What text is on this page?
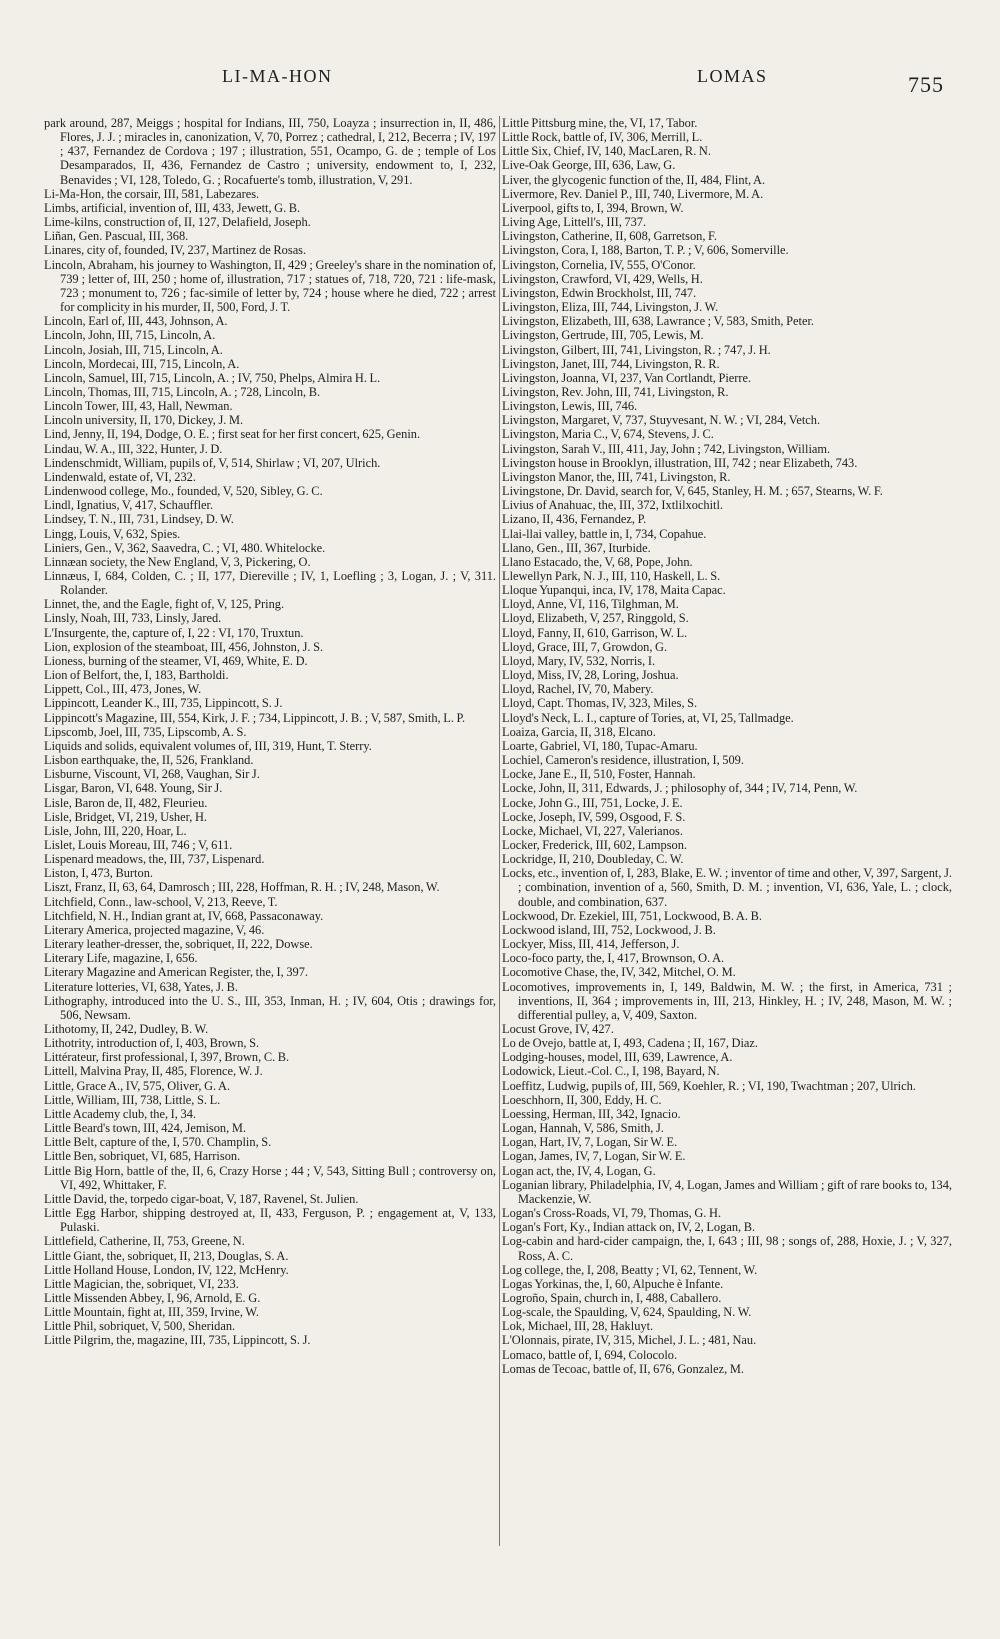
LI-MA-HON	LOMAS	755

park around, 287, Meiggs ; hospital for Indians, III, 750, Loayza ; insurrection in, II, 486, Flores, J. J. ; miracles in, canonization, V, 70, Porrez ; cathedral, I, 212, Becerra ; IV, 197 ; 437, Fernandez de Cordova ; 197 ; illustration, 551, Ocampo, G. de ; temple of Los Desamparados, II, 436, Fernandez de Castro ; university, endowment to, I, 232, Benavides ; VI, 128, Toledo, G. ; Rocafuerte's tomb, illustration, V, 291.

Li-Ma-Hon, the corsair, III, 581, Labezares.

Limbs, artificial, invention of, III, 433, Jewett, G. B.

Lime-kilns, construction of, II, 127, Delafield, Joseph.

Liñan, Gen. Pascual, III, 368.

Linares, city of, founded, IV, 237, Martinez de Rosas.

Lincoln, Abraham, his journey to Washington, II, 429 ; Greeley's share in the nomination of, 739 ; letter of, III, 250 ; home of, illustration, 717 ; statues of, 718, 720, 721 : life-mask, 723 ; monument to, 726 ; fac-simile of letter by, 724 ; house where he died, 722 ; arrest for complicity in his murder, II, 500, Ford, J. T.

Lincoln, Earl of, III, 443, Johnson, A.

Lincoln, John, III, 715, Lincoln, A.

Lincoln, Josiah, III, 715, Lincoln, A.

Lincoln, Mordecai, III, 715, Lincoln, A.

Lincoln, Samuel, III, 715, Lincoln, A. ; IV, 750, Phelps, Almira H. L.

Lincoln, Thomas, III, 715, Lincoln, A. ; 728, Lincoln, B.

Lincoln Tower, III, 43, Hall, Newman.

Lincoln university, II, 170, Dickey, J. M.

Lind, Jenny, II, 194, Dodge, O. E. ; first seat for her first concert, 625, Genin.

Lindau, W. A., III, 322, Hunter, J. D.

Lindenschmidt, William, pupils of, V, 514, Shirlaw ; VI, 207, Ulrich.

Lindenwald, estate of, VI, 232.

Lindenwood college, Mo., founded, V, 520, Sibley, G. C.

Lindl, Ignatius, V, 417, Schauffler.

Lindsey, T. N., III, 731, Lindsey, D. W.

Lingg, Louis, V, 632, Spies.

Liniers, Gen., V, 362, Saavedra, C. ; VI, 480. Whitelocke.

Linnæan society, the New England, V, 3, Pickering, O.

Linnæus, I, 684, Colden, C. ; II, 177, Diereville ; IV, 1, Loefling ; 3, Logan, J. ; V, 311. Rolander.

Linnet, the, and the Eagle, fight of, V, 125, Pring.

Linsly, Noah, III, 733, Linsly, Jared.

L'Insurgente, the, capture of, I, 22 : VI, 170, Truxtun.

Lion, explosion of the steamboat, III, 456, Johnston, J. S.

Lioness, burning of the steamer, VI, 469, White, E. D.

Lion of Belfort, the, I, 183, Bartholdi.

Lippett, Col., III, 473, Jones, W.

Lippincott, Leander K., III, 735, Lippincott, S. J.

Lippincott's Magazine, III, 554, Kirk, J. F. ; 734, Lippincott, J. B. ; V, 587, Smith, L. P.

Lipscomb, Joel, III, 735, Lipscomb, A. S.

Liquids and solids, equivalent volumes of, III, 319, Hunt, T. Sterry.

Lisbon earthquake, the, II, 526, Frankland.

Lisburne, Viscount, VI, 268, Vaughan, Sir J.

Lisgar, Baron, VI, 648. Young, Sir J.

Lisle, Baron de, II, 482, Fleurieu.

Lisle, Bridget, VI, 219, Usher, H.

Lisle, John, III, 220, Hoar, L.

Lislet, Louis Moreau, III, 746 ; V, 611.

Lispenard meadows, the, III, 737, Lispenard.

Liston, I, 473, Burton.

Liszt, Franz, II, 63, 64, Damrosch ; III, 228, Hoffman, R. H. ; IV, 248, Mason, W.

Litchfield, Conn., law-school, V, 213, Reeve, T.

Litchfield, N. H., Indian grant at, IV, 668, Passaconaway.

Literary America, projected magazine, V, 46.

Literary leather-dresser, the, sobriquet, II, 222, Dowse.

Literary Life, magazine, I, 656.

Literary Magazine and American Register, the, I, 397.

Literature lotteries, VI, 638, Yates, J. B.

Lithography, introduced into the U. S., III, 353, Inman, H. ; IV, 604, Otis ; drawings for, 506, Newsam.

Lithotomy, II, 242, Dudley, B. W.

Lithotrity, introduction of, I, 403, Brown, S.

Littérateur, first professional, I, 397, Brown, C. B.

Littell, Malvina Pray, II, 485, Florence, W. J.

Little, Grace A., IV, 575, Oliver, G. A.

Little, William, III, 738, Little, S. L.

Little Academy club, the, I, 34.

Little Beard's town, III, 424, Jemison, M.

Little Belt, capture of the, I, 570. Champlin, S.

Little Ben, sobriquet, VI, 685, Harrison.

Little Big Horn, battle of the, II, 6, Crazy Horse ; 44 ; V, 543, Sitting Bull ; controversy on, VI, 492, Whittaker, F.

Little David, the, torpedo cigar-boat, V, 187, Ravenel, St. Julien.

Little Egg Harbor, shipping destroyed at, II, 433, Ferguson, P. ; engagement at, V, 133, Pulaski.

Littlefield, Catherine, II, 753, Greene, N.

Little Giant, the, sobriquet, II, 213, Douglas, S. A.

Little Holland House, London, IV, 122, McHenry.

Little Magician, the, sobriquet, VI, 233.

Little Missenden Abbey, I, 96, Arnold, E. G.

Little Mountain, fight at, III, 359, Irvine, W.

Little Phil, sobriquet, V, 500, Sheridan.

Little Pilgrim, the, magazine, III, 735, Lippincott, S. J.

Little Pittsburg mine, the, VI, 17, Tabor.

Little Rock, battle of, IV, 306, Merrill, L.

Little Six, Chief, IV, 140, MacLaren, R. N.

Live-Oak George, III, 636, Law, G.

Liver, the glycogenic function of the, II, 484, Flint, A.

Livermore, Rev. Daniel P., III, 740, Livermore, M. A.

Liverpool, gifts to, I, 394, Brown, W.

Living Age, Littell's, III, 737.

Livingston, Catherine, II, 608, Garretson, F.

Livingston, Cora, I, 188, Barton, T. P. ; V, 606, Somerville.

Livingston, Cornelia, IV, 555, O'Conor.

Livingston, Crawford, VI, 429, Wells, H.

Livingston, Edwin Brockholst, III, 747.

Livingston, Eliza, III, 744, Livingston, J. W.

Livingston, Elizabeth, III, 638, Lawrance ; V, 583, Smith, Peter.

Livingston, Gertrude, III, 705, Lewis, M.

Livingston, Gilbert, III, 741, Livingston, R. ; 747, J. H.

Livingston, Janet, III, 744, Livingston, R. R.

Livingston, Joanna, VI, 237, Van Cortlandt, Pierre.

Livingston, Rev. John, III, 741, Livingston, R.

Livingston, Lewis, III, 746.

Livingston, Margaret, V, 737, Stuyvesant, N. W. ; VI, 284, Vetch.

Livingston, Maria C., V, 674, Stevens, J. C.

Livingston, Sarah V., III, 411, Jay, John ; 742, Livingston, William.

Livingston house in Brooklyn, illustration, III, 742 ; near Elizabeth, 743.

Livingston Manor, the, III, 741, Livingston, R.

Livingstone, Dr. David, search for, V, 645, Stanley, H. M. ; 657, Stearns, W. F.

Livius of Anahuac, the, III, 372, Ixtlilxochitl.

Lizano, II, 436, Fernandez, P.

Llai-llai valley, battle in, I, 734, Copahue.

Llano, Gen., III, 367, Iturbide.

Llano Estacado, the, V, 68, Pope, John.

Llewellyn Park, N. J., III, 110, Haskell, L. S.

Lloque Yupanqui, inca, IV, 178, Maita Capac.

Lloyd, Anne, VI, 116, Tilghman, M.

Lloyd, Elizabeth, V, 257, Ringgold, S.

Lloyd, Fanny, II, 610, Garrison, W. L.

Lloyd, Grace, III, 7, Growdon, G.

Lloyd, Mary, IV, 532, Norris, I.

Lloyd, Miss, IV, 28, Loring, Joshua.

Lloyd, Rachel, IV, 70, Mabery.

Lloyd, Capt. Thomas, IV, 323, Miles, S.

Lloyd's Neck, L. I., capture of Tories, at, VI, 25, Tallmadge.

Loaiza, Garcia, II, 318, Elcano.

Loarte, Gabriel, VI, 180, Tupac-Amaru.

Lochiel, Cameron's residence, illustration, I, 509.

Locke, Jane E., II, 510, Foster, Hannah.

Locke, John, II, 311, Edwards, J. ; philosophy of, 344 ; IV, 714, Penn, W.

Locke, John G., III, 751, Locke, J. E.

Locke, Joseph, IV, 599, Osgood, F. S.

Locke, Michael, VI, 227, Valerianos.

Locker, Frederick, III, 602, Lampson.

Lockridge, II, 210, Doubleday, C. W.

Locks, etc., invention of, I, 283, Blake, E. W. ; inventor of time and other, V, 397, Sargent, J. ; combination, invention of a, 560, Smith, D. M. ; invention, VI, 636, Yale, L. ; clock, double, and combination, 637.

Lockwood, Dr. Ezekiel, III, 751, Lockwood, B. A. B.

Lockwood island, III, 752, Lockwood, J. B.

Lockyer, Miss, III, 414, Jefferson, J.

Loco-foco party, the, I, 417, Brownson, O. A.

Locomotive Chase, the, IV, 342, Mitchel, O. M.

Locomotives, improvements in, I, 149, Baldwin, M. W. ; the first, in America, 731 ; inventions, II, 364 ; improvements in, III, 213, Hinkley, H. ; IV, 248, Mason, M. W. ; differential pulley, a, V, 409, Saxton.

Locust Grove, IV, 427.

Lo de Ovejo, battle at, I, 493, Cadena ; II, 167, Diaz.

Lodging-houses, model, III, 639, Lawrence, A.

Lodowick, Lieut.-Col. C., I, 198, Bayard, N.

Loeffitz, Ludwig, pupils of, III, 569, Koehler, R. ; VI, 190, Twachtman ; 207, Ulrich.

Loeschhorn, II, 300, Eddy, H. C.

Loessing, Herman, III, 342, Ignacio.

Logan, Hannah, V, 586, Smith, J.

Logan, Hart, IV, 7, Logan, Sir W. E.

Logan, James, IV, 7, Logan, Sir W. E.

Logan act, the, IV, 4, Logan, G.

Loganian library, Philadelphia, IV, 4, Logan, James and William ; gift of rare books to, 134, Mackenzie, W.

Logan's Cross-Roads, VI, 79, Thomas, G. H.

Logan's Fort, Ky., Indian attack on, IV, 2, Logan, B.

Log-cabin and hard-cider campaign, the, I, 643 ; III, 98 ; songs of, 288, Hoxie, J. ; V, 327, Ross, A. C.

Log college, the, I, 208, Beatty ; VI, 62, Tennent, W.

Logas Yorkinas, the, I, 60, Alpuche è Infante.

Logroño, Spain, church in, I, 488, Caballero.

Log-scale, the Spaulding, V, 624, Spaulding, N. W.

Lok, Michael, III, 28, Hakluyt.

L'Olonnais, pirate, IV, 315, Michel, J. L. ; 481, Nau.

Lomaco, battle of, I, 694, Colocolo.

Lomas de Tecoac, battle of, II, 676, Gonzalez, M.
